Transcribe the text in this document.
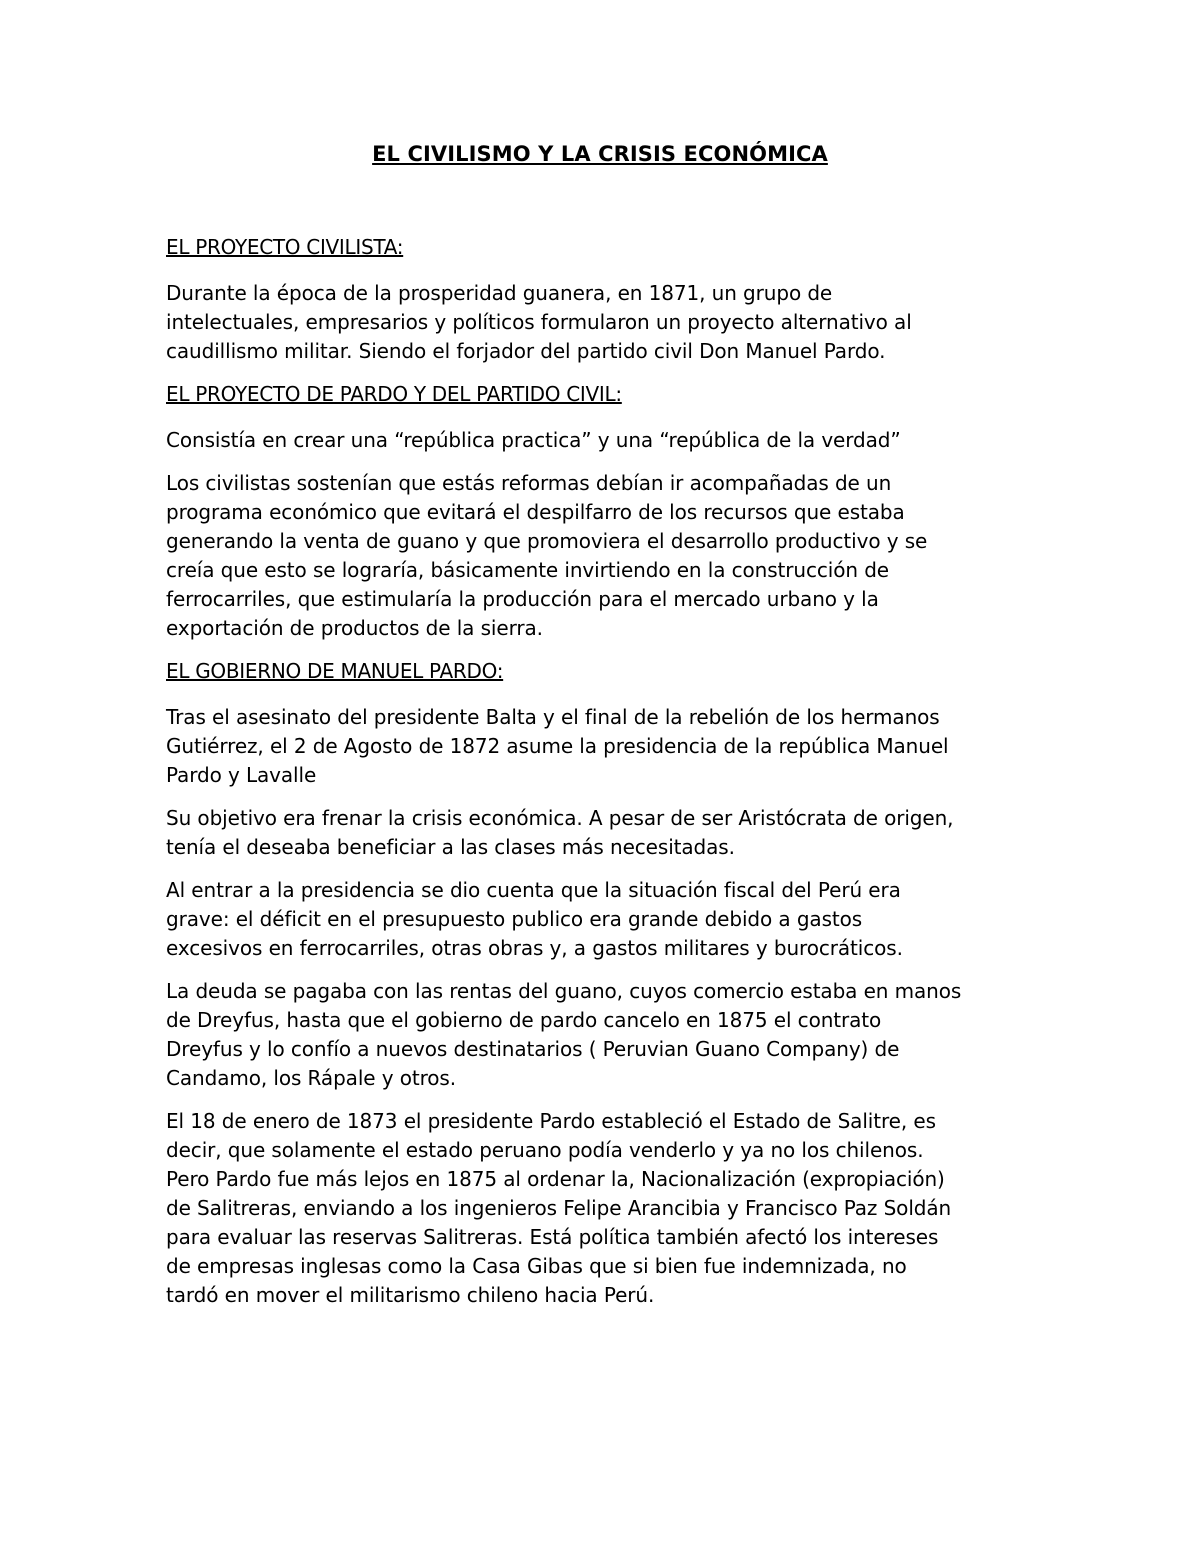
EL CIVILISMO Y LA CRISIS ECONÓMICA
EL PROYECTO CIVILISTA:
Durante la época de la prosperidad guanera, en 1871, un grupo de
intelectuales, empresarios y políticos formularon un proyecto alternativo al
caudillismo militar. Siendo el forjador del partido civil Don Manuel Pardo.
EL PROYECTO DE PARDO Y DEL PARTIDO CIVIL:
Consistía en crear una “república practica” y una “república de la verdad”
Los civilistas sostenían que estás reformas debían ir acompañadas de un
programa económico que evitará el despilfarro de los recursos que estaba
generando la venta de guano y que promoviera el desarrollo productivo y se
creía que esto se lograría, básicamente invirtiendo en la construcción de
ferrocarriles, que estimularía la producción para el mercado urbano y la
exportación de productos de la sierra.
EL GOBIERNO DE MANUEL PARDO:
Tras el asesinato del presidente Balta y el final de la rebelión de los hermanos
Gutiérrez, el 2 de Agosto de 1872 asume la presidencia de la república Manuel
Pardo y Lavalle
Su objetivo era frenar la crisis económica. A pesar de ser Aristócrata de origen,
tenía el deseaba beneficiar a las clases más necesitadas.
Al entrar a la presidencia se dio cuenta que la situación fiscal del Perú era
grave: el déficit en el presupuesto publico era grande debido a gastos
excesivos en ferrocarriles, otras obras y, a gastos militares y burocráticos.
La deuda se pagaba con las rentas del guano, cuyos comercio estaba en manos
de Dreyfus, hasta que el gobierno de pardo cancelo en 1875 el contrato
Dreyfus y lo confío a nuevos destinatarios ( Peruvian Guano Company) de
Candamo, los Rápale y otros.
El 18 de enero de 1873 el presidente Pardo estableció el Estado de Salitre, es
decir, que solamente el estado peruano podía venderlo y ya no los chilenos.
Pero Pardo fue más lejos en 1875 al ordenar la, Nacionalización (expropiación)
de Salitreras, enviando a los ingenieros Felipe Arancibia y Francisco Paz Soldán
para evaluar las reservas Salitreras. Está política también afectó los intereses
de empresas inglesas como la Casa Gibas que si bien fue indemnizada, no
tardó en mover el militarismo chileno hacia Perú.
